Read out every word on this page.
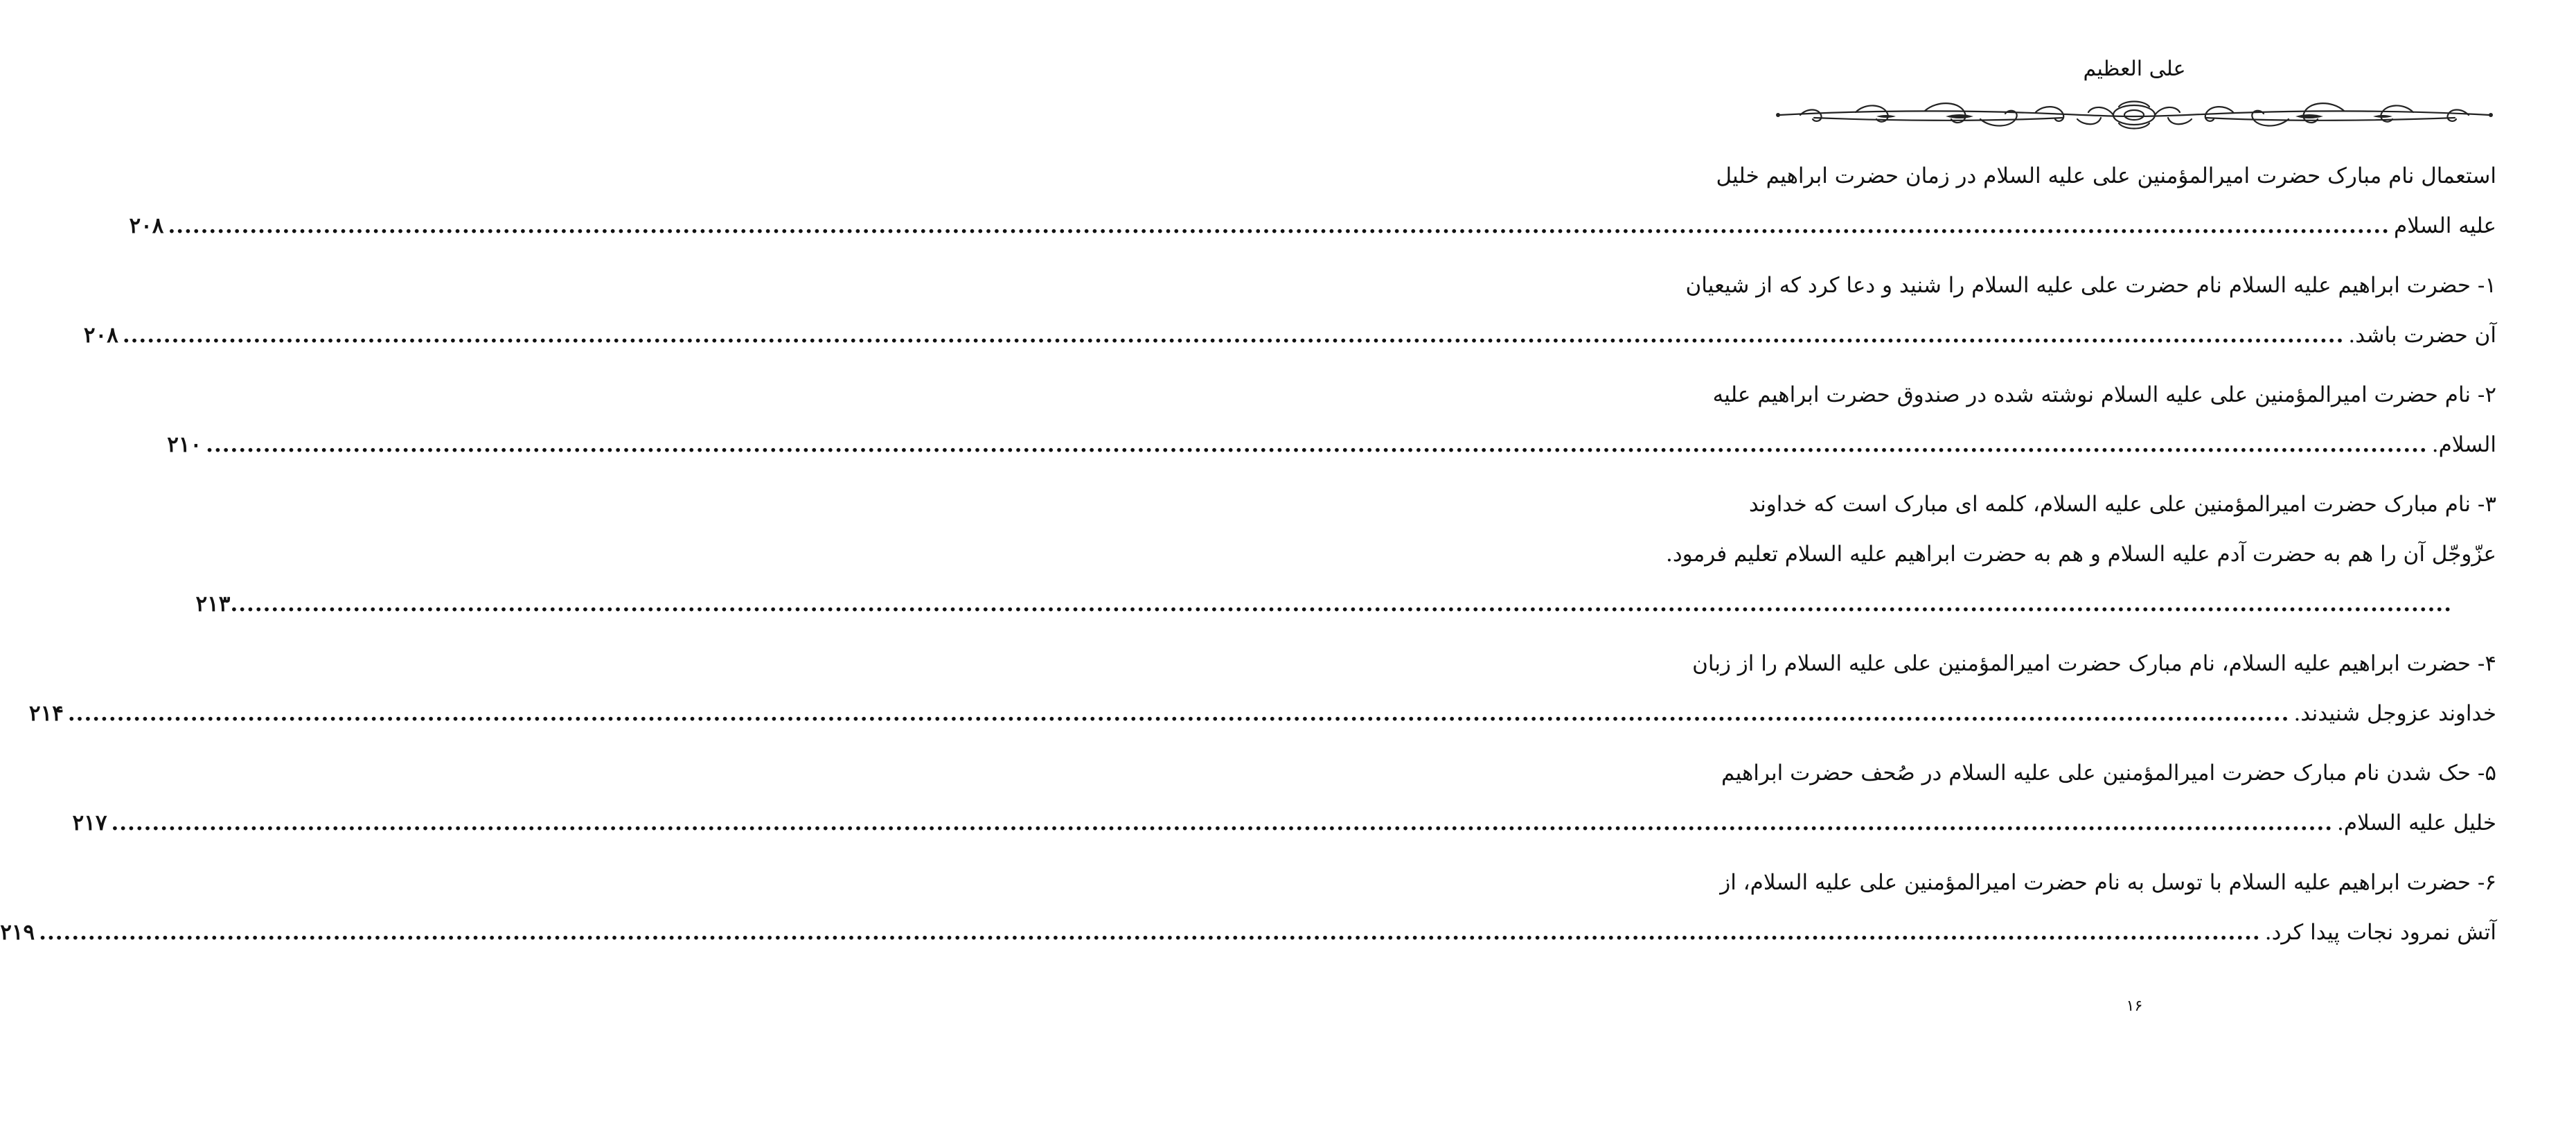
علی العظیم
استعمال نام مبارک حضرت امیرالمؤمنین علی علیه السلام در زمان حضرت ابراهیم خلیل
علیه السلام
.....
۲۰۸
۱- حضرت ابراهیم علیه السلام نام حضرت علی علیه السلام را شنید و دعا کرد که از شیعیان
آن حضرت باشد.
.....
۲۰۸
۲- نام حضرت امیرالمؤمنین علی علیه السلام نوشته شده در صندوق حضرت ابراهیم علیه
السلام.
.....
۲۱۰
۳- نام مبارک حضرت امیرالمؤمنین علی علیه السلام، کلمه ای مبارک است که خداوند
عزّوجّل آن را هم به حضرت آدم علیه السلام و هم به حضرت ابراهیم علیه السلام تعلیم فرمود.
.....
۲۱۳
۴- حضرت ابراهیم علیه السلام، نام مبارک حضرت امیرالمؤمنین علی علیه السلام را از زبان
خداوند عزوجل شنیدند.
.....
۲۱۴
۵- حک شدن نام مبارک حضرت امیرالمؤمنین علی علیه السلام در صُحف حضرت ابراهیم
خلیل علیه السلام.
.....
۲۱۷
۶- حضرت ابراهیم علیه السلام با توسل به نام حضرت امیرالمؤمنین علی علیه السلام، از
آتش نمرود نجات پیدا کرد.
.....
۲۱۹
۱۶
